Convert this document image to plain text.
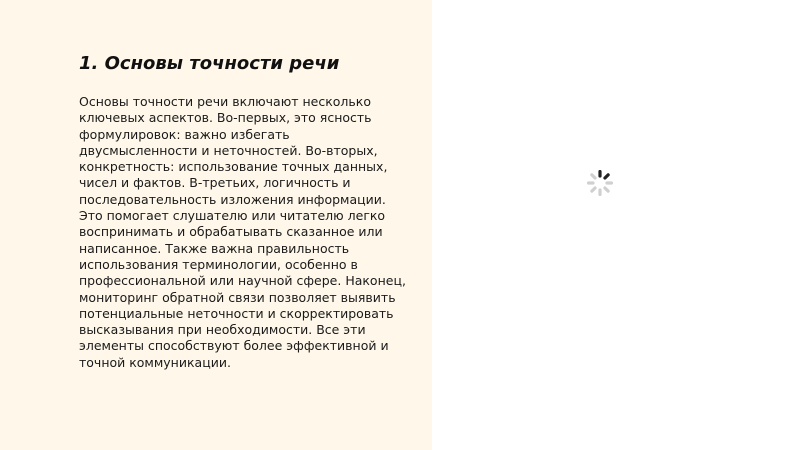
1. Основы точности речи

Основы точности речи включают несколько ключевых аспектов. Во-первых, это ясность формулировок: важно избегать двусмысленности и неточностей. Во-вторых, конкретность: использование точных данных, чисел и фактов. В-третьих, логичность и последовательность изложения информации. Это помогает слушателю или читателю легко воспринимать и обрабатывать сказанное или написанное. Также важна правильность использования терминологии, особенно в профессиональной или научной сфере. Наконец, мониторинг обратной связи позволяет выявить потенциальные неточности и скорректировать высказывания при необходимости. Все эти элементы способствуют более эффективной и точной коммуникации.
